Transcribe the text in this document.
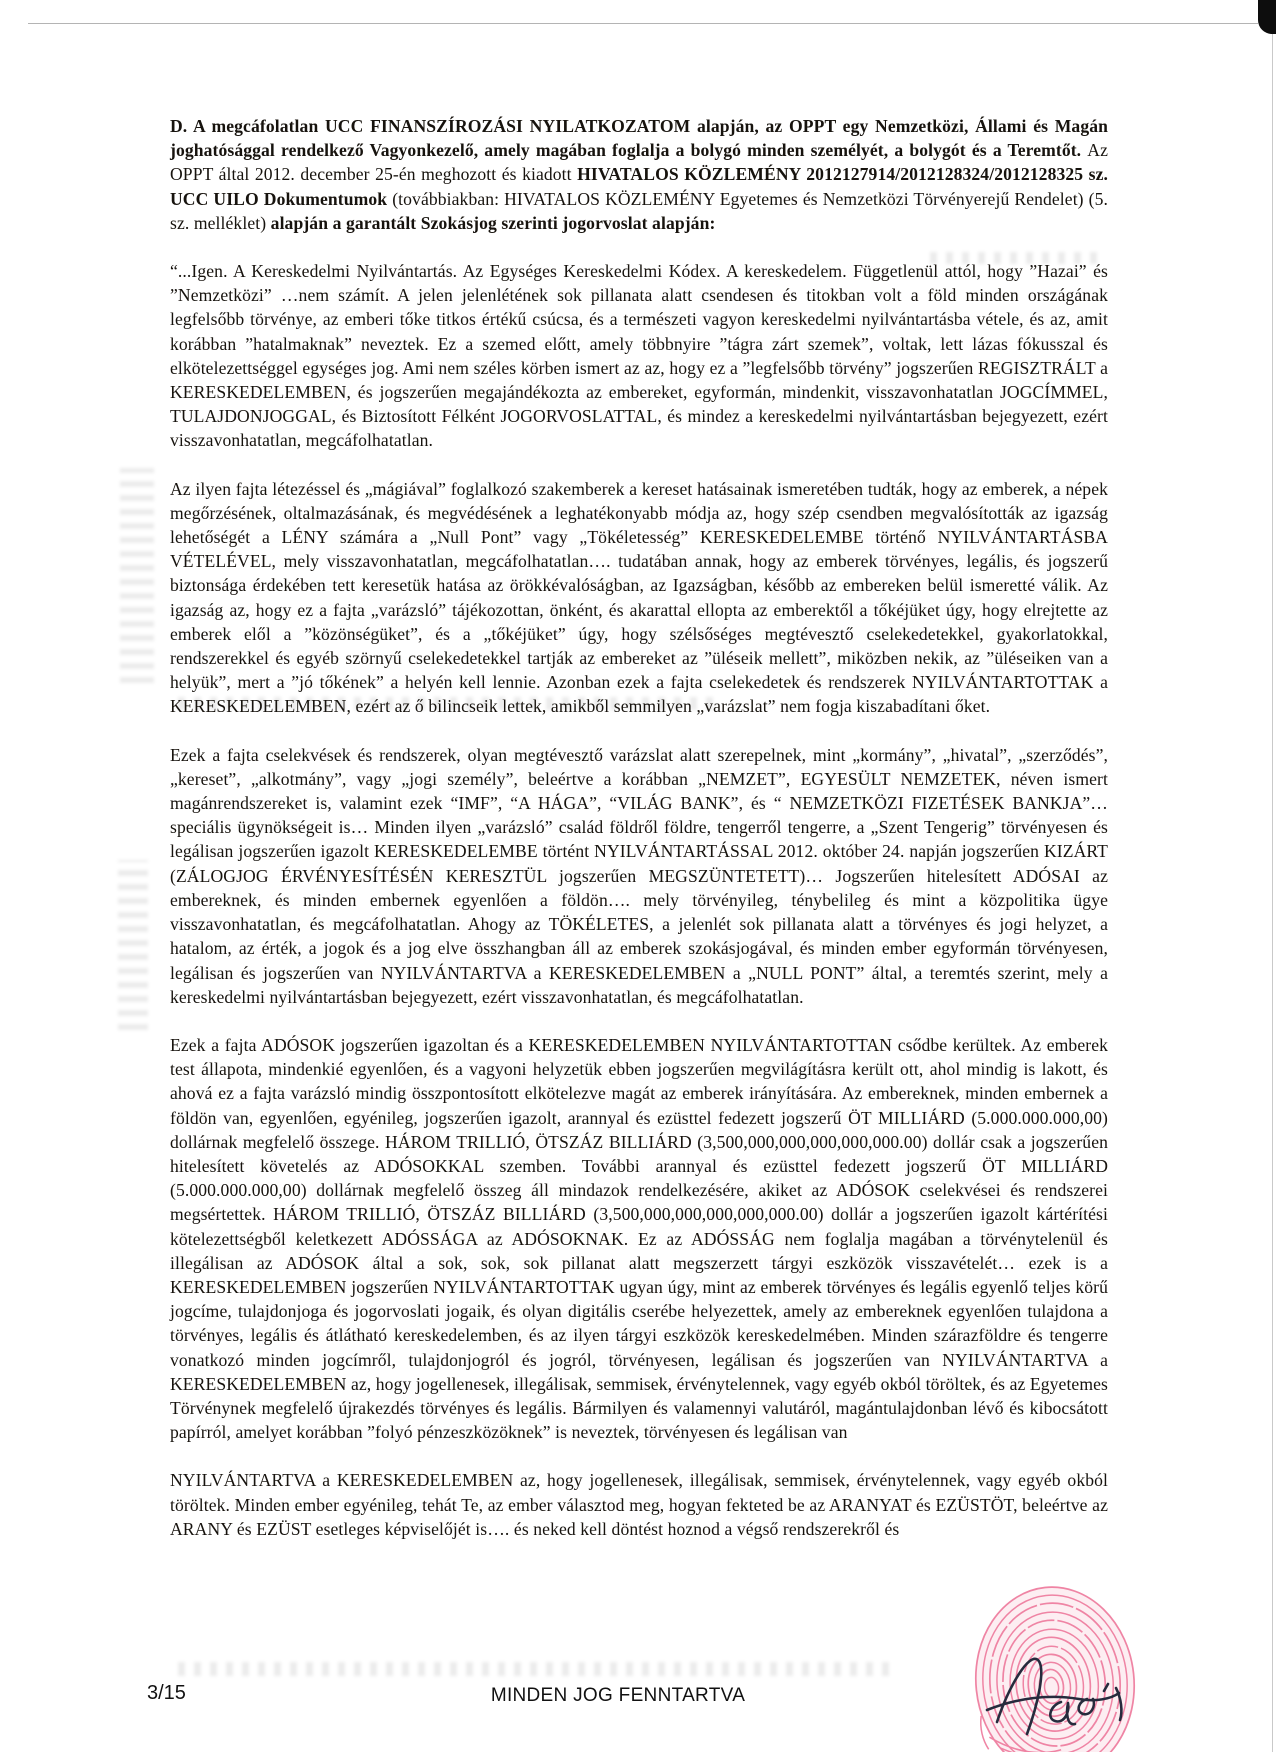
D. A megcáfolatlan UCC FINANSZÍROZÁSI NYILATKOZATOM alapján, az OPPT egy Nemzetközi, Állami és Magán joghatósággal rendelkező Vagyonkezelő, amely magában foglalja a bolygó minden személyét, a bolygót és a Teremtőt. Az OPPT által 2012. december 25-én meghozott és kiadott HIVATALOS KÖZLEMÉNY 2012127914/2012128324/2012128325 sz. UCC UILO Dokumentumok (továbbiakban: HIVATALOS KÖZLEMÉNY Egyetemes és Nemzetközi Törvényerejű Rendelet) (5. sz. melléklet) alapján a garantált Szokásjog szerinti jogorvoslat alapján:

“...Igen. A Kereskedelmi Nyilvántartás. Az Egységes Kereskedelmi Kódex. A kereskedelem. Függetlenül attól, hogy ”Hazai” és ”Nemzetközi” …nem számít. A jelen jelenlétének sok pillanata alatt csendesen és titokban volt a föld minden országának legfelsőbb törvénye, az emberi tőke titkos értékű csúcsa, és a természeti vagyon kereskedelmi nyilvántartásba vétele, és az, amit korábban ”hatalmaknak” neveztek. Ez a szemed előtt, amely többnyire ”tágra zárt szemek”, voltak, lett lázas fókusszal és elkötelezettséggel egységes jog. Ami nem széles körben ismert az az, hogy ez a ”legfelsőbb törvény” jogszerűen REGISZTRÁLT a KERESKEDELEMBEN, és jogszerűen megajándékozta az embereket, egyformán, mindenkit, visszavonhatatlan JOGCÍMMEL, TULAJDONJOGGAL, és Biztosított Félként JOGORVOSLATTAL, és mindez a kereskedelmi nyilvántartásban bejegyezett, ezért visszavonhatatlan, megcáfolhatatlan.

Az ilyen fajta létezéssel és „mágiával” foglalkozó szakemberek a kereset hatásainak ismeretében tudták, hogy az emberek, a népek megőrzésének, oltalmazásának, és megvédésének a leghatékonyabb módja az, hogy szép csendben megvalósították az igazság lehetőségét a LÉNY számára a „Null Pont” vagy „Tökéletesség” KERESKEDELEMBE történő NYILVÁNTARTÁSBA VÉTELÉVEL, mely visszavonhatatlan, megcáfolhatatlan…. tudatában annak, hogy az emberek törvényes, legális, és jogszerű biztonsága érdekében tett keresetük hatása az örökkévalóságban, az Igazságban, később az embereken belül ismeretté válik. Az igazság az, hogy ez a fajta „varázsló” tájékozottan, önként, és akarattal ellopta az emberektől a tőkéjüket úgy, hogy elrejtette az emberek elől a ”közönségüket”, és a „tőkéjüket” úgy, hogy szélsőséges megtévesztő cselekedetekkel, gyakorlatokkal, rendszerekkel és egyéb szörnyű cselekedetekkel tartják az embereket az ”üléseik mellett”, miközben nekik, az ”üléseiken van a helyük”, mert a ”jó tőkének” a helyén kell lennie. Azonban ezek a fajta cselekedetek és rendszerek NYILVÁNTARTOTTAK a KERESKEDELEMBEN, ezért az ő bilincseik lettek, amikből semmilyen „varázslat” nem fogja kiszabadítani őket.

Ezek a fajta cselekvések és rendszerek, olyan megtévesztő varázslat alatt szerepelnek, mint „kormány”, „hivatal”, „szerződés”, „kereset”, „alkotmány”, vagy „jogi személy”, beleértve a korábban „NEMZET”, EGYESÜLT NEMZETEK, néven ismert magánrendszereket is, valamint ezek “IMF”, “A HÁGA”, “VILÁG BANK”, és “ NEMZETKÖZI FIZETÉSEK BANKJA”…speciális ügynökségeit is… Minden ilyen „varázsló” család földről földre, tengerről tengerre, a „Szent Tengerig” törvényesen és legálisan jogszerűen igazolt KERESKEDELEMBE történt NYILVÁNTARTÁSSAL 2012. október 24. napján jogszerűen KIZÁRT (ZÁLOGJOG ÉRVÉNYESÍTÉSÉN KERESZTÜL jogszerűen MEGSZÜNTETETT)… Jogszerűen hitelesített ADÓSAI az embereknek, és minden embernek egyenlően a földön…. mely törvényileg, ténybelileg és mint a közpolitika ügye visszavonhatatlan, és megcáfolhatatlan. Ahogy az TÖKÉLETES, a jelenlét sok pillanata alatt a törvényes és jogi helyzet, a hatalom, az érték, a jogok és a jog elve összhangban áll az emberek szokásjogával, és minden ember egyformán törvényesen, legálisan és jogszerűen van NYILVÁNTARTVA a KERESKEDELEMBEN a „NULL PONT” által, a teremtés szerint, mely a kereskedelmi nyilvántartásban bejegyezett, ezért visszavonhatatlan, és megcáfolhatatlan.

Ezek a fajta ADÓSOK jogszerűen igazoltan és a KERESKEDELEMBEN NYILVÁNTARTOTTAN csődbe kerültek. Az emberek test állapota, mindenkié egyenlően, és a vagyoni helyzetük ebben jogszerűen megvilágításra került ott, ahol mindig is lakott, és ahová ez a fajta varázsló mindig összpontosított elkötelezve magát az emberek irányítására. Az embereknek, minden embernek a földön van, egyenlően, egyénileg, jogszerűen igazolt, arannyal és ezüsttel fedezett jogszerű ÖT MILLIÁRD (5.000.000.000,00) dollárnak megfelelő összege. HÁROM TRILLIÓ, ÖTSZÁZ BILLIÁRD (3,500,000,000,000,000,000.00) dollár csak a jogszerűen hitelesített követelés az ADÓSOKKAL szemben. További arannyal és ezüsttel fedezett jogszerű ÖT MILLIÁRD (5.000.000.000,00) dollárnak megfelelő összeg áll mindazok rendelkezésére, akiket az ADÓSOK cselekvései és rendszerei megsértettek. HÁROM TRILLIÓ, ÖTSZÁZ BILLIÁRD (3,500,000,000,000,000,000.00) dollár a jogszerűen igazolt kártérítési kötelezettségből keletkezett ADÓSSÁGA az ADÓSOKNAK. Ez az ADÓSSÁG nem foglalja magában a törvénytelenül és illegálisan az ADÓSOK által a sok, sok, sok pillanat alatt megszerzett tárgyi eszközök visszavételét… ezek is a KERESKEDELEMBEN jogszerűen NYILVÁNTARTOTTAK ugyan úgy, mint az emberek törvényes és legális egyenlő teljes körű jogcíme, tulajdonjoga és jogorvoslati jogaik, és olyan digitális cserébe helyezettek, amely az embereknek egyenlően tulajdona a törvényes, legális és átlátható kereskedelemben, és az ilyen tárgyi eszközök kereskedelmében. Minden szárazföldre és tengerre vonatkozó minden jogcímről, tulajdonjogról és jogról, törvényesen, legálisan és jogszerűen van NYILVÁNTARTVA a KERESKEDELEMBEN az, hogy jogellenesek, illegálisak, semmisek, érvénytelennek, vagy egyéb okból töröltek, és az Egyetemes Törvénynek megfelelő újrakezdés törvényes és legális. Bármilyen és valamennyi valutáról, magántulajdonban lévő és kibocsátott papírról, amelyet korábban ”folyó pénzeszközöknek” is neveztek, törvényesen és legálisan van

NYILVÁNTARTVA a KERESKEDELEMBEN az, hogy jogellenesek, illegálisak, semmisek, érvénytelennek, vagy egyéb okból töröltek. Minden ember egyénileg, tehát Te, az ember választod meg, hogyan fekteted be az ARANYAT és EZÜSTÖT, beleértve az ARANY és EZÜST esetleges képviselőjét is…. és neked kell döntést hoznod a végső rendszerekről és

3/15	MINDEN JOG FENNTARTVA
